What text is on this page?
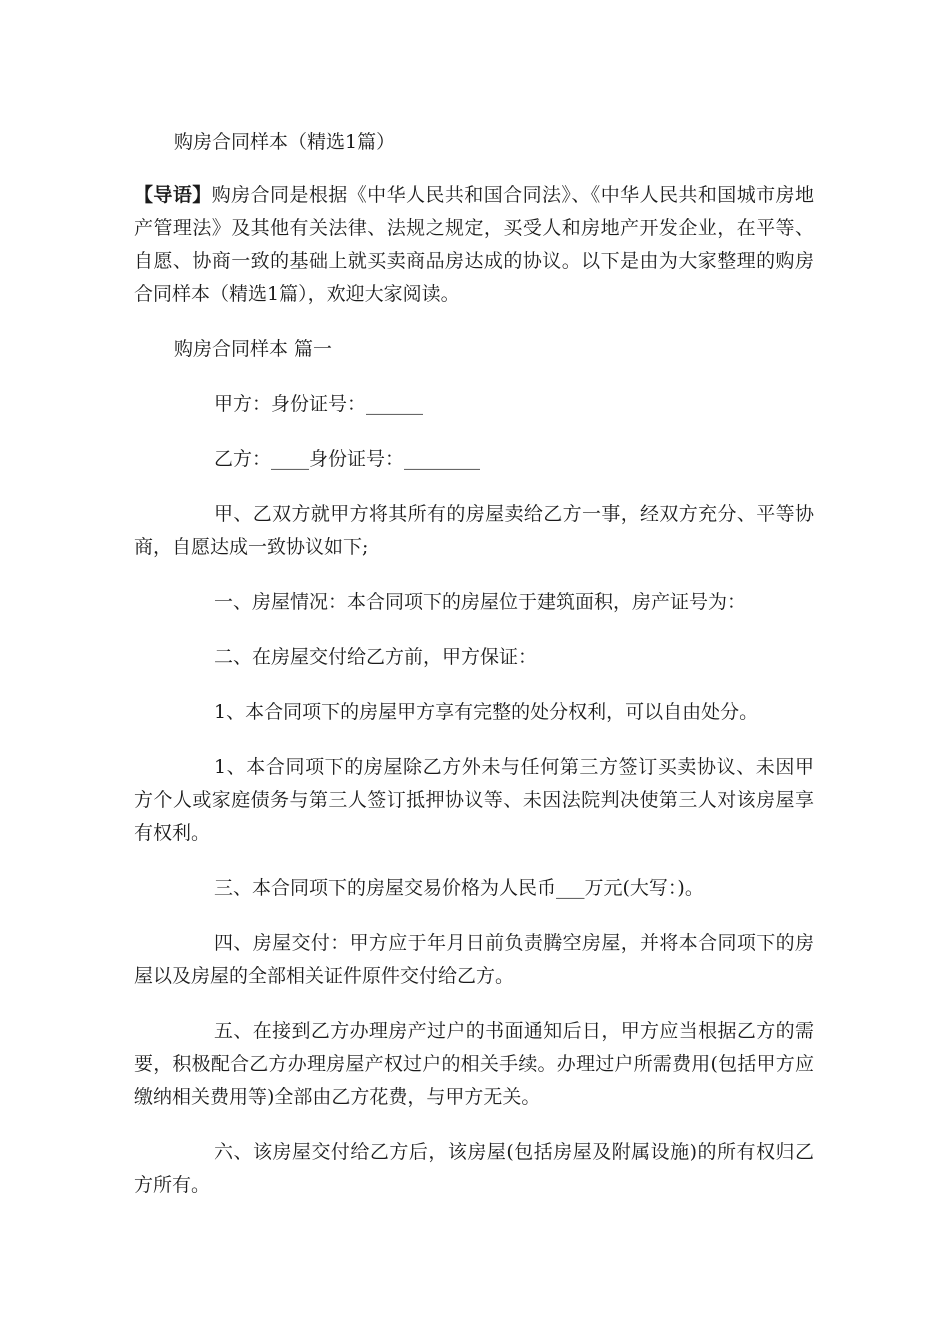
购房合同样本（精选1篇）

【导语】购房合同是根据《中华人民共和国合同法》、《中华人民共和国城市房地产管理法》及其他有关法律、法规之规定，买受人和房地产开发企业，在平等、自愿、协商一致的基础上就买卖商品房达成的协议。以下是由为大家整理的购房合同样本（精选1篇），欢迎大家阅读。

购房合同样本 篇一

甲方：身份证号：______

乙方：____身份证号：________

甲、乙双方就甲方将其所有的房屋卖给乙方一事，经双方充分、平等协商，自愿达成一致协议如下;

一、房屋情况：本合同项下的房屋位于建筑面积，房产证号为：

二、在房屋交付给乙方前，甲方保证：

1、本合同项下的房屋甲方享有完整的处分权利，可以自由处分。

1、本合同项下的房屋除乙方外未与任何第三方签订买卖协议、未因甲方个人或家庭债务与第三人签订抵押协议等、未因法院判决使第三人对该房屋享有权利。

三、本合同项下的房屋交易价格为人民币___万元(大写：)。

四、房屋交付：甲方应于年月日前负责腾空房屋，并将本合同项下的房屋以及房屋的全部相关证件原件交付给乙方。

五、在接到乙方办理房产过户的书面通知后日，甲方应当根据乙方的需要，积极配合乙方办理房屋产权过户的相关手续。办理过户所需费用(包括甲方应缴纳相关费用等)全部由乙方花费，与甲方无关。

六、该房屋交付给乙方后，该房屋(包括房屋及附属设施)的所有权归乙方所有。
